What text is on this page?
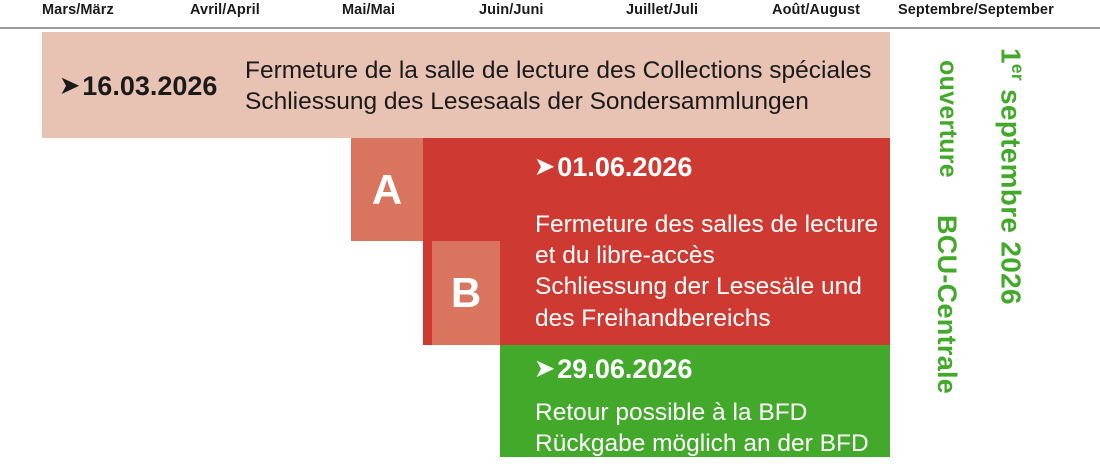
Mars/März	Avril/April	Mai/Mai	Juin/Juni	Juillet/Juli	Août/August	Septembre/September
➤ 16.03.2026
Fermeture de la salle de lecture des Collections spéciales
Schliessung des Lesesaals der Sondersammlungen
A	➤ 01.06.2026
Fermeture des salles de lecture
et du libre-accès
Schliessung der Lesesäle und
des Freihandbereichs
B
➤ 29.06.2026
Retour possible à la BFD
Rückgabe möglich an der BFD
ouverture
BCU-Centrale
1er septembre 2026
